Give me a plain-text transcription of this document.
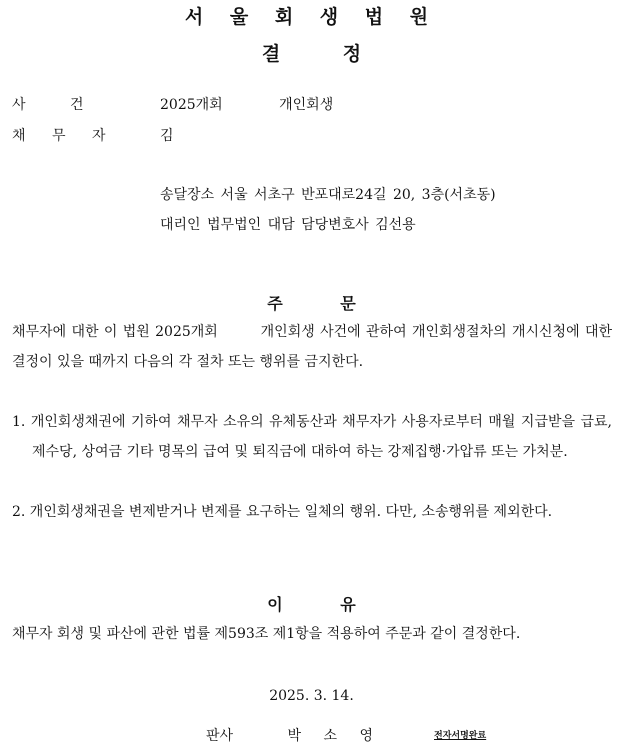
서 울 회 생 법 원
결 정
사 건	2025개회 개인회생
채 무 자	김
송달장소 서울 서초구 반포대로24길 20, 3층(서초동)
대리인 법무법인 대담 담당변호사 김선용
주 문
채무자에 대한 이 법원 2025개회        개인회생 사건에 관하여 개인회생절차의 개시신청에 대한 결정이 있을 때까지 다음의 각 절차 또는 행위를 금지한다.
1. 개인회생채권에 기하여 채무자 소유의 유체동산과 채무자가 사용자로부터 매월 지급받을 급료, 제수당, 상여금 기타 명목의 급여 및 퇴직금에 대하여 하는 강제집행·가압류 또는 가처분.
2. 개인회생채권을 변제받거나 변제를 요구하는 일체의 행위. 다만, 소송행위를 제외한다.
이 유
채무자 회생 및 파산에 관한 법률 제593조 제1항을 적용하여 주문과 같이 결정한다.
2025. 3. 14.
판사	박 소 영	전자서명완료
